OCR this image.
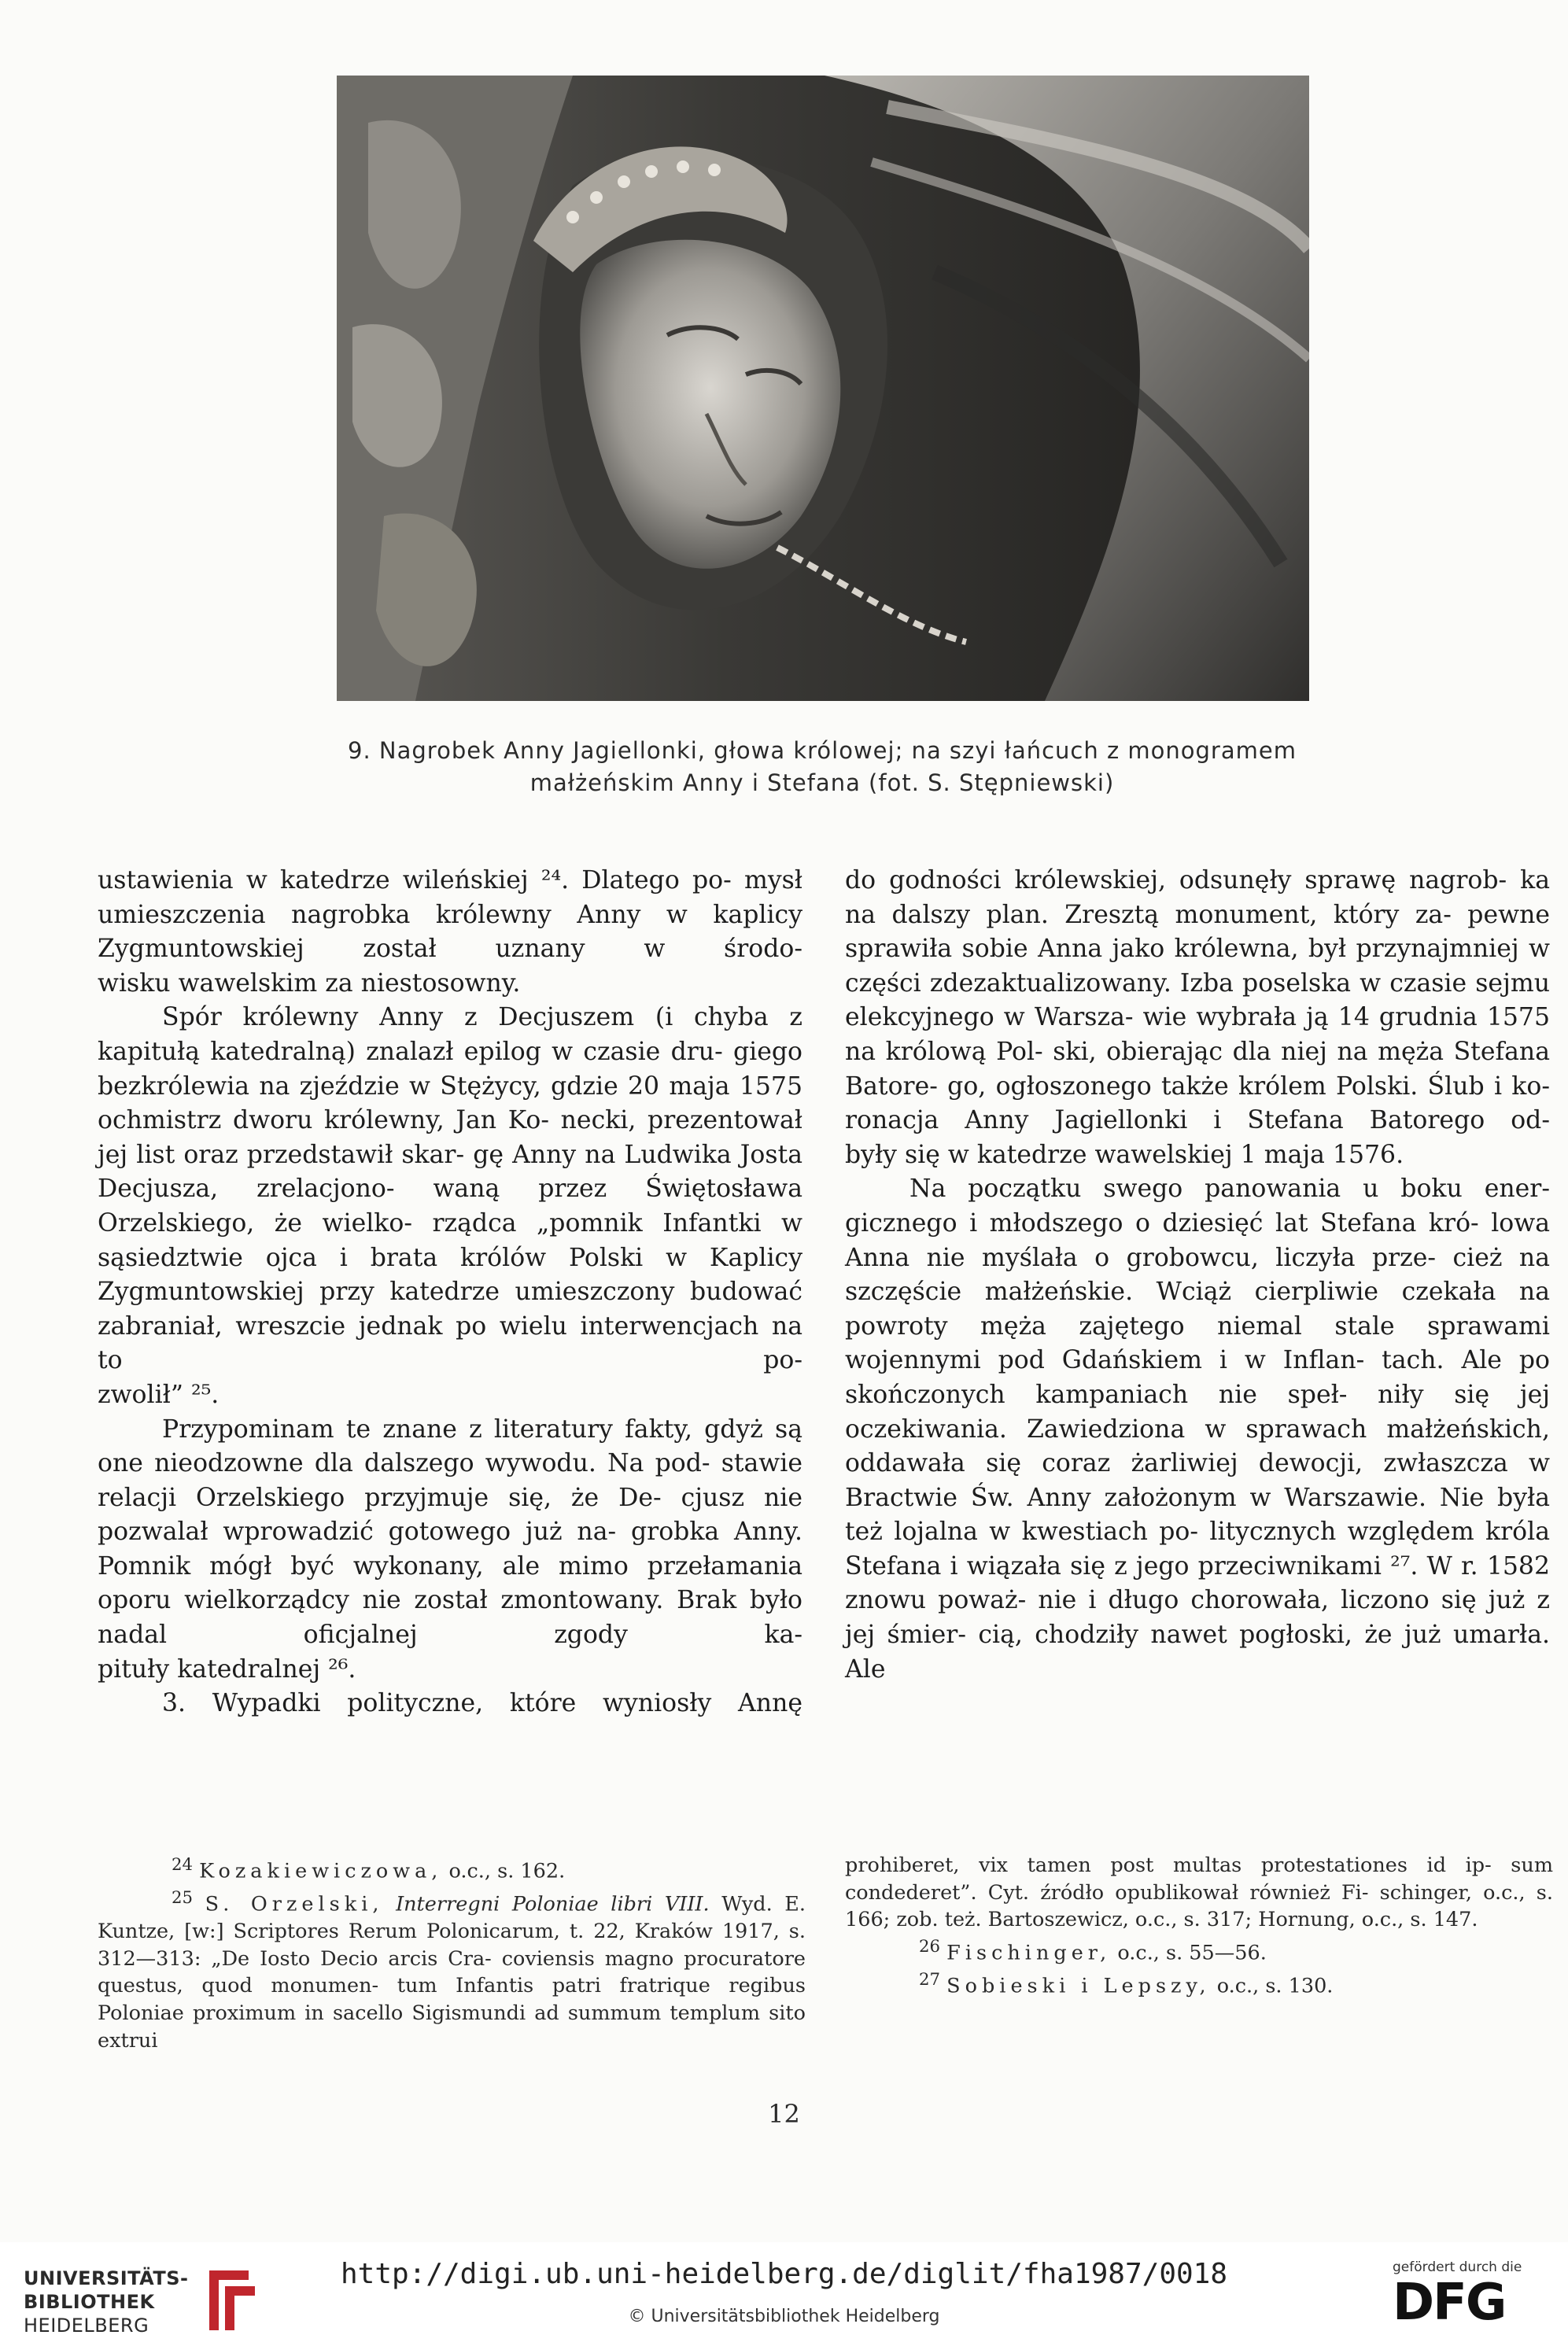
9. Nagrobek Anny Jagiellonki, głowa królowej; na szyi łańcuch z monogramem
małżeńskim Anny i Stefana (fot. S. Stępniewski)

ustawienia w katedrze wileńskiej ²⁴. Dlatego po- mysł umieszczenia nagrobka królewny Anny w kaplicy Zygmuntowskiej został uznany w środo-

wisku wawelskim za niestosowny.

Spór królewny Anny z Decjuszem (i chyba z kapitułą katedralną) znalazł epilog w czasie dru- giego bezkrólewia na zjeździe w Stężycy, gdzie 20 maja 1575 ochmistrz dworu królewny, Jan Ko- necki, prezentował jej list oraz przedstawił skar- gę Anny na Ludwika Josta Decjusza, zrelacjono- waną przez Świętosława Orzelskiego, że wielko- rządca „pomnik Infantki w sąsiedztwie ojca i brata królów Polski w Kaplicy Zygmuntowskiej przy katedrze umieszczony budować zabraniał, wreszcie jednak po wielu interwencjach na to po-

zwolił” ²⁵.

Przypominam te znane z literatury fakty, gdyż są one nieodzowne dla dalszego wywodu. Na pod- stawie relacji Orzelskiego przyjmuje się, że De- cjusz nie pozwalał wprowadzić gotowego już na- grobka Anny. Pomnik mógł być wykonany, ale mimo przełamania oporu wielkorządcy nie został zmontowany. Brak było nadal oficjalnej zgody ka-

pituły katedralnej ²⁶.

3. Wypadki polityczne, które wyniosły Annę

do godności królewskiej, odsunęły sprawę nagrob- ka na dalszy plan. Zresztą monument, który za- pewne sprawiła sobie Anna jako królewna, był przynajmniej w części zdezaktualizowany. Izba poselska w czasie sejmu elekcyjnego w Warsza- wie wybrała ją 14 grudnia 1575 na królową Pol- ski, obierając dla niej na męża Stefana Batore- go, ogłoszonego także królem Polski. Ślub i ko- ronacja Anny Jagiellonki i Stefana Batorego od-

były się w katedrze wawelskiej 1 maja 1576.

Na początku swego panowania u boku ener- gicznego i młodszego o dziesięć lat Stefana kró- lowa Anna nie myślała o grobowcu, liczyła prze- cież na szczęście małżeńskie. Wciąż cierpliwie czekała na powroty męża zajętego niemal stale sprawami wojennymi pod Gdańskiem i w Inflan- tach. Ale po skończonych kampaniach nie speł- niły się jej oczekiwania. Zawiedziona w sprawach małżeńskich, oddawała się coraz żarliwiej dewocji, zwłaszcza w Bractwie Św. Anny założonym w Warszawie. Nie była też lojalna w kwestiach po- litycznych względem króla Stefana i wiązała się z jego przeciwnikami ²⁷. W r. 1582 znowu poważ- nie i długo chorowała, liczono się już z jej śmier- cią, chodziły nawet pogłoski, że już umarła. Ale

$^{24}$ Kozakiewiczowa, o.c., s. 162.

$^{25}$ S. Orzelski, Interregni Poloniae libri VIII. Wyd. E. Kuntze, [w:] Scriptores Rerum Polonicarum, t. 22, Kraków 1917, s. 312—313: „De Iosto Decio arcis Cra- coviensis magno procuratore questus, quod monumen- tum Infantis patri fratrique regibus Poloniae proximum in sacello Sigismundi ad summum templum sito extrui

prohiberet, vix tamen post multas protestationes id ip- sum condederet”. Cyt. źródło opublikował również Fi- schinger, o.c., s. 166; zob. też. Bartoszewicz, o.c., s. 317; Hornung, o.c., s. 147.

$^{26}$ Fischinger, o.c., s. 55—56.

$^{27}$ Sobieski i Lepszy, o.c., s. 130.

12
UNIVERSITÄTS-
BIBLIOTHEK
HEIDELBERG
http://digi.ub.uni-heidelberg.de/diglit/fha1987/0018
© Universitätsbibliothek Heidelberg
gefördert durch die
DFG
